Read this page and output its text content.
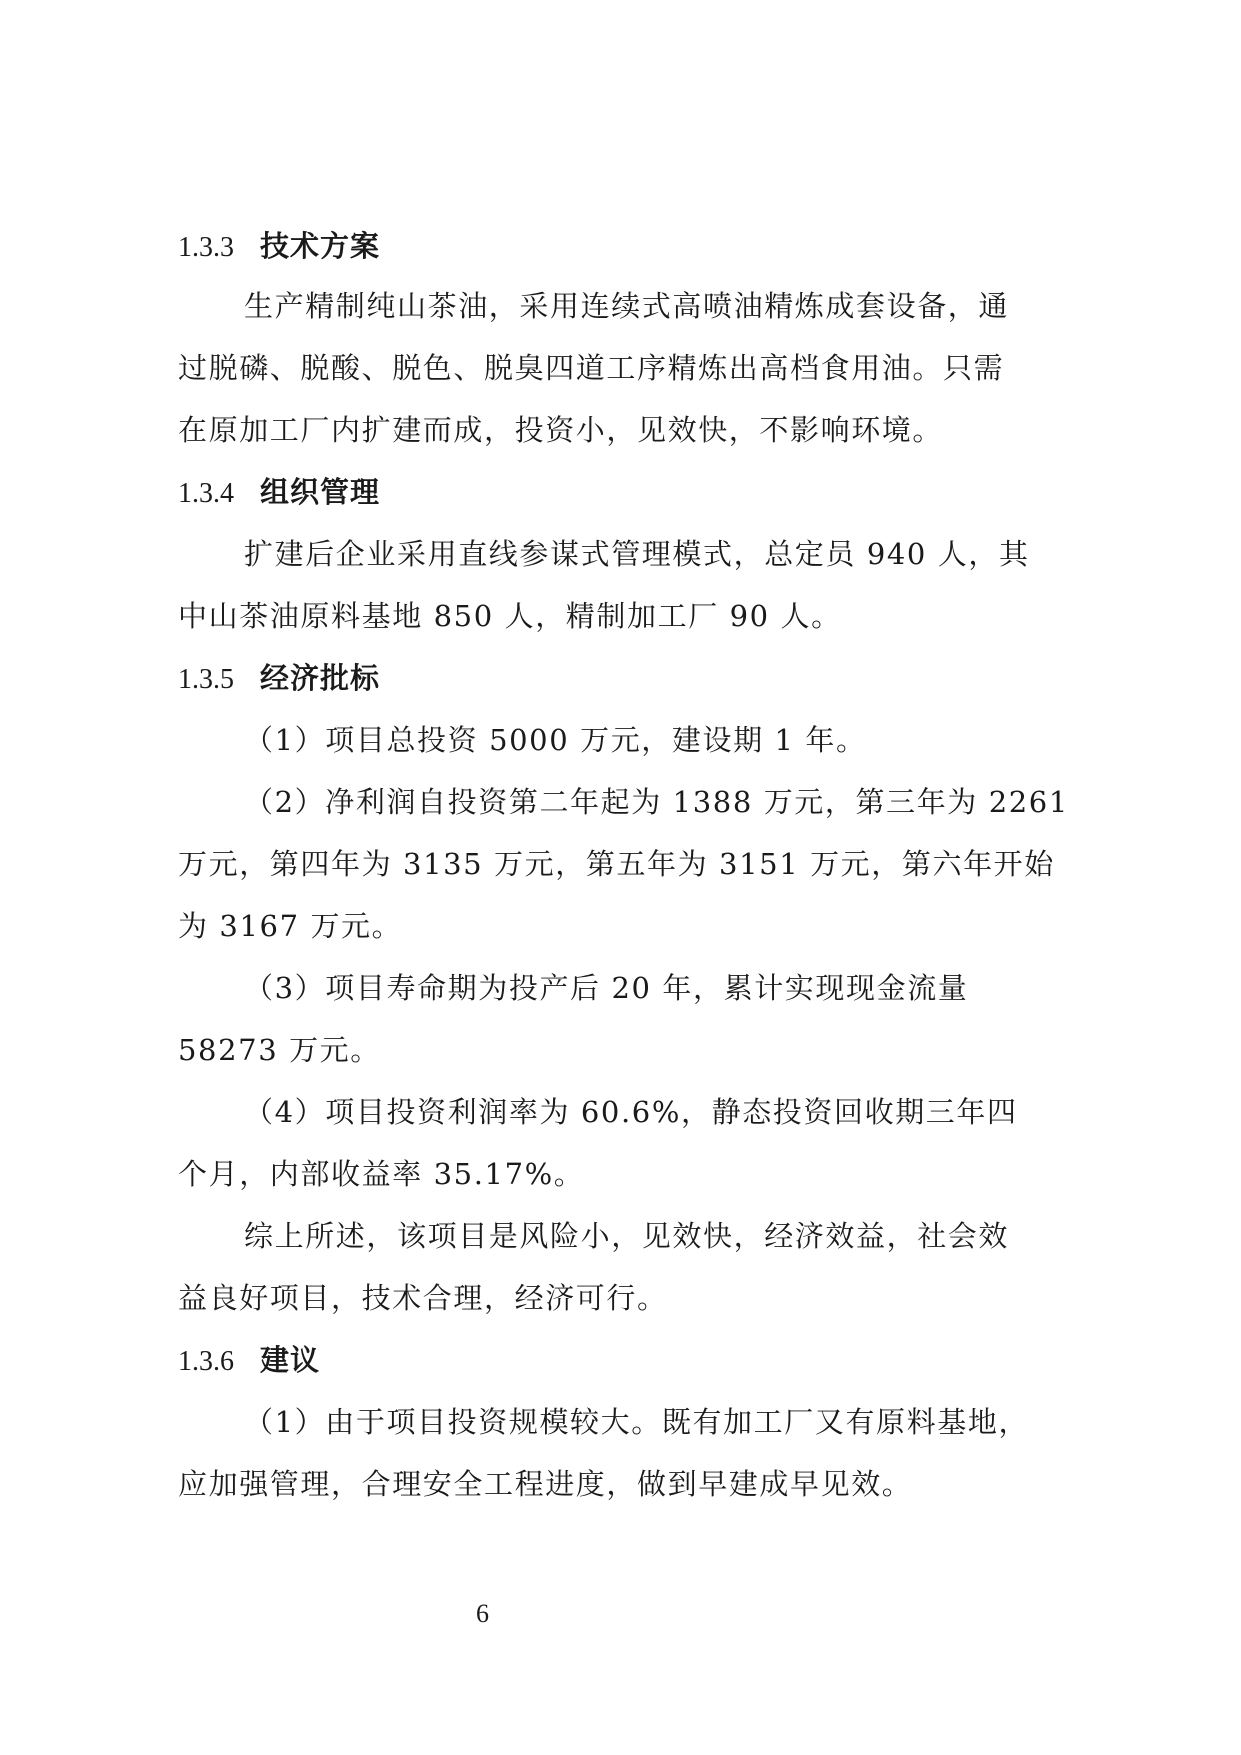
1.3.3 技术方案
生产精制纯山茶油，采用连续式高喷油精炼成套设备，通
过脱磷、脱酸、脱色、脱臭四道工序精炼出高档食用油。只需
在原加工厂内扩建而成，投资小，见效快，不影响环境。
1.3.4 组织管理
扩建后企业采用直线参谋式管理模式，总定员 940 人，其
中山茶油原料基地 850 人，精制加工厂 90 人。
1.3.5 经济批标
（1）项目总投资 5000 万元，建设期 1 年。
（2）净利润自投资第二年起为 1388 万元，第三年为 2261
万元，第四年为 3135 万元，第五年为 3151 万元，第六年开始
为 3167 万元。
（3）项目寿命期为投产后 20 年，累计实现现金流量
58273 万元。
（4）项目投资利润率为 60.6%，静态投资回收期三年四
个月，内部收益率 35.17%。
综上所述，该项目是风险小，见效快，经济效益，社会效
益良好项目，技术合理，经济可行。
1.3.6 建议
（1）由于项目投资规模较大。既有加工厂又有原料基地，
应加强管理，合理安全工程进度，做到早建成早见效。
6
